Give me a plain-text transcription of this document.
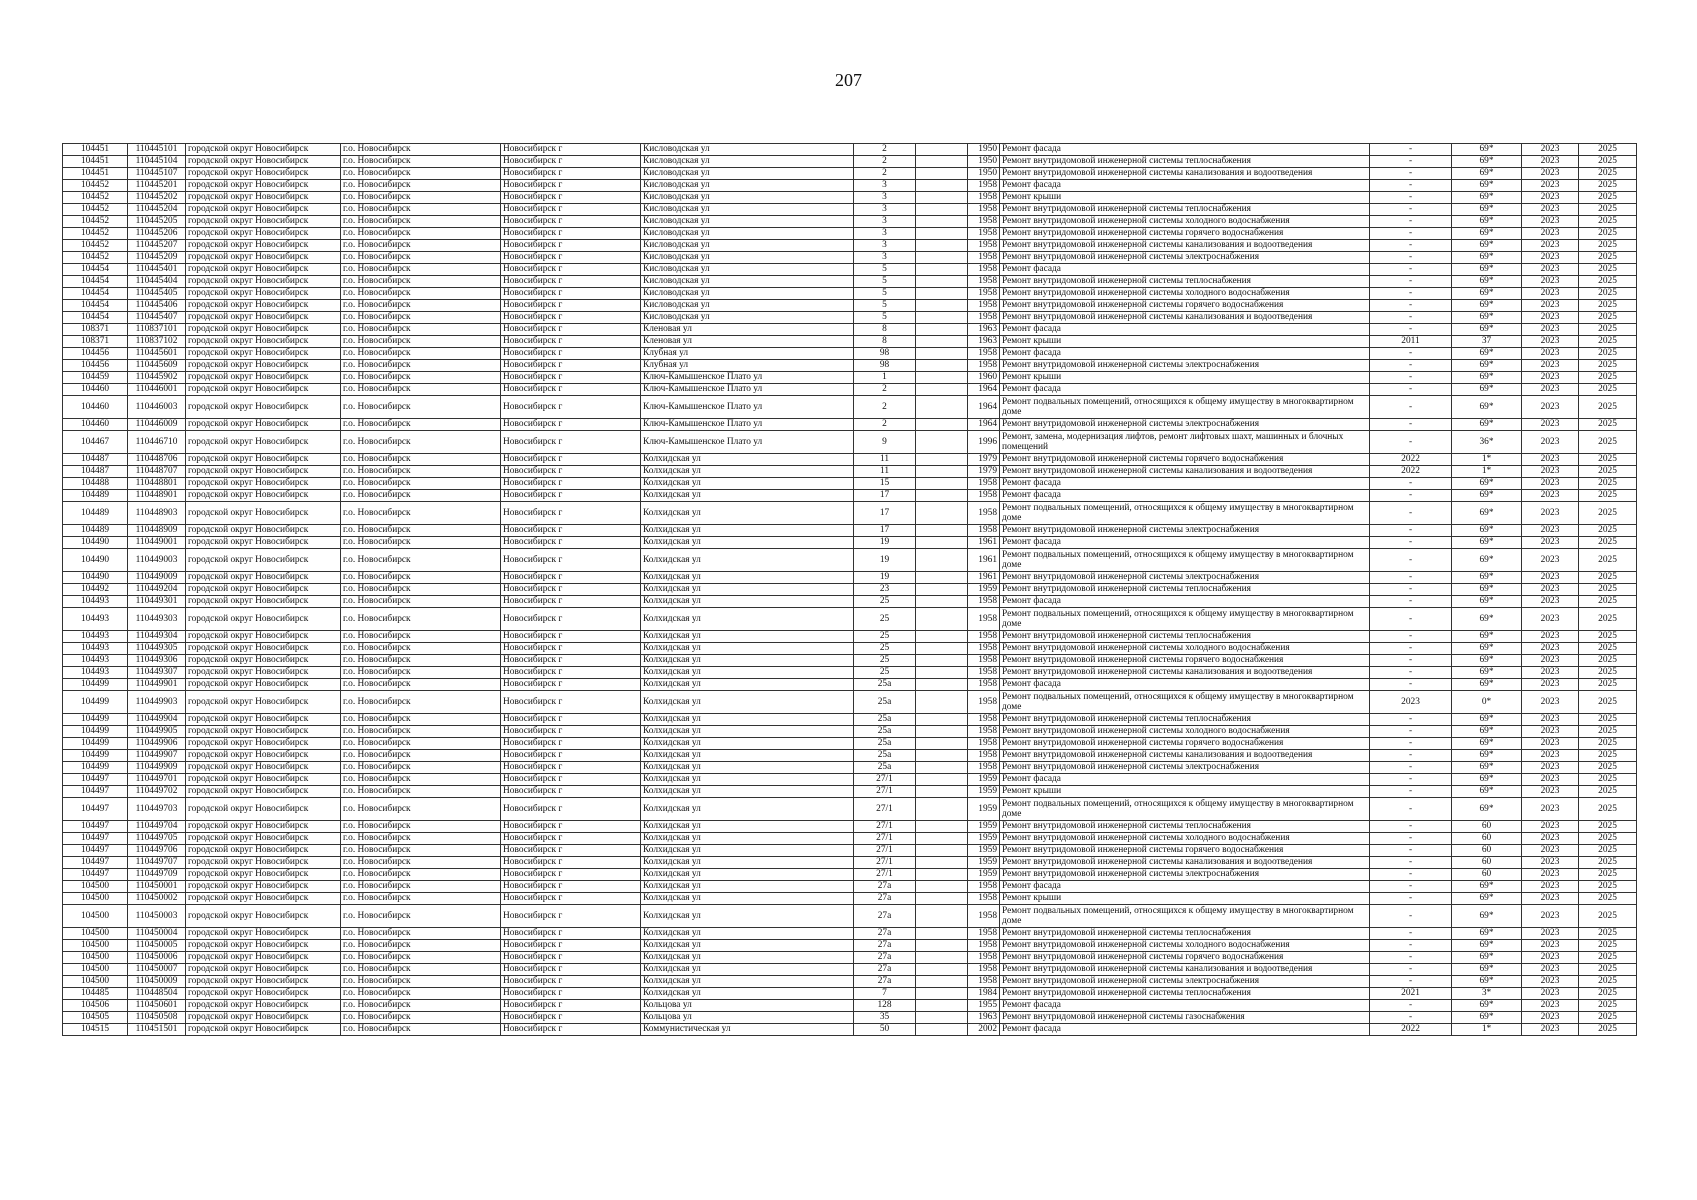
207
104451	110445101	городской округ Новосибирск	г.о. Новосибирск	Новосибирск г	Кисловодская ул	2		1950	Ремонт фасада	-	69*	2023	2025
104451	110445104	городской округ Новосибирск	г.о. Новосибирск	Новосибирск г	Кисловодская ул	2		1950	Ремонт внутридомовой инженерной системы теплоснабжения	-	69*	2023	2025
104451	110445107	городской округ Новосибирск	г.о. Новосибирск	Новосибирск г	Кисловодская ул	2		1950	Ремонт внутридомовой инженерной системы канализования и водоотведения	-	69*	2023	2025
104452	110445201	городской округ Новосибирск	г.о. Новосибирск	Новосибирск г	Кисловодская ул	3		1958	Ремонт фасада	-	69*	2023	2025
104452	110445202	городской округ Новосибирск	г.о. Новосибирск	Новосибирск г	Кисловодская ул	3		1958	Ремонт крыши	-	69*	2023	2025
104452	110445204	городской округ Новосибирск	г.о. Новосибирск	Новосибирск г	Кисловодская ул	3		1958	Ремонт внутридомовой инженерной системы теплоснабжения	-	69*	2023	2025
104452	110445205	городской округ Новосибирск	г.о. Новосибирск	Новосибирск г	Кисловодская ул	3		1958	Ремонт внутридомовой инженерной системы холодного водоснабжения	-	69*	2023	2025
104452	110445206	городской округ Новосибирск	г.о. Новосибирск	Новосибирск г	Кисловодская ул	3		1958	Ремонт внутридомовой инженерной системы горячего водоснабжения	-	69*	2023	2025
104452	110445207	городской округ Новосибирск	г.о. Новосибирск	Новосибирск г	Кисловодская ул	3		1958	Ремонт внутридомовой инженерной системы канализования и водоотведения	-	69*	2023	2025
104452	110445209	городской округ Новосибирск	г.о. Новосибирск	Новосибирск г	Кисловодская ул	3		1958	Ремонт внутридомовой инженерной системы электроснабжения	-	69*	2023	2025
104454	110445401	городской округ Новосибирск	г.о. Новосибирск	Новосибирск г	Кисловодская ул	5		1958	Ремонт фасада	-	69*	2023	2025
104454	110445404	городской округ Новосибирск	г.о. Новосибирск	Новосибирск г	Кисловодская ул	5		1958	Ремонт внутридомовой инженерной системы теплоснабжения	-	69*	2023	2025
104454	110445405	городской округ Новосибирск	г.о. Новосибирск	Новосибирск г	Кисловодская ул	5		1958	Ремонт внутридомовой инженерной системы холодного водоснабжения	-	69*	2023	2025
104454	110445406	городской округ Новосибирск	г.о. Новосибирск	Новосибирск г	Кисловодская ул	5		1958	Ремонт внутридомовой инженерной системы горячего водоснабжения	-	69*	2023	2025
104454	110445407	городской округ Новосибирск	г.о. Новосибирск	Новосибирск г	Кисловодская ул	5		1958	Ремонт внутридомовой инженерной системы канализования и водоотведения	-	69*	2023	2025
108371	110837101	городской округ Новосибирск	г.о. Новосибирск	Новосибирск г	Кленовая ул	8		1963	Ремонт фасада	-	69*	2023	2025
108371	110837102	городской округ Новосибирск	г.о. Новосибирск	Новосибирск г	Кленовая ул	8		1963	Ремонт крыши	2011	37	2023	2025
104456	110445601	городской округ Новосибирск	г.о. Новосибирск	Новосибирск г	Клубная ул	98		1958	Ремонт фасада	-	69*	2023	2025
104456	110445609	городской округ Новосибирск	г.о. Новосибирск	Новосибирск г	Клубная ул	98		1958	Ремонт внутридомовой инженерной системы электроснабжения	-	69*	2023	2025
104459	110445902	городской округ Новосибирск	г.о. Новосибирск	Новосибирск г	Ключ-Камышенское Плато ул	1		1960	Ремонт крыши	-	69*	2023	2025
104460	110446001	городской округ Новосибирск	г.о. Новосибирск	Новосибирск г	Ключ-Камышенское Плато ул	2		1964	Ремонт фасада	-	69*	2023	2025
104460	110446003	городской округ Новосибирск	г.о. Новосибирск	Новосибирск г	Ключ-Камышенское Плато ул	2		1964	Ремонт подвальных помещений, относящихся к общему имуществу в многоквартирном доме	-	69*	2023	2025
104460	110446009	городской округ Новосибирск	г.о. Новосибирск	Новосибирск г	Ключ-Камышенское Плато ул	2		1964	Ремонт внутридомовой инженерной системы электроснабжения	-	69*	2023	2025
104467	110446710	городской округ Новосибирск	г.о. Новосибирск	Новосибирск г	Ключ-Камышенское Плато ул	9		1996	Ремонт, замена, модернизация лифтов, ремонт лифтовых шахт, машинных и блочных помещений	-	36*	2023	2025
104487	110448706	городской округ Новосибирск	г.о. Новосибирск	Новосибирск г	Колхидская ул	11		1979	Ремонт внутридомовой инженерной системы горячего водоснабжения	2022	1*	2023	2025
104487	110448707	городской округ Новосибирск	г.о. Новосибирск	Новосибирск г	Колхидская ул	11		1979	Ремонт внутридомовой инженерной системы канализования и водоотведения	2022	1*	2023	2025
104488	110448801	городской округ Новосибирск	г.о. Новосибирск	Новосибирск г	Колхидская ул	15		1958	Ремонт фасада	-	69*	2023	2025
104489	110448901	городской округ Новосибирск	г.о. Новосибирск	Новосибирск г	Колхидская ул	17		1958	Ремонт фасада	-	69*	2023	2025
104489	110448903	городской округ Новосибирск	г.о. Новосибирск	Новосибирск г	Колхидская ул	17		1958	Ремонт подвальных помещений, относящихся к общему имуществу в многоквартирном доме	-	69*	2023	2025
104489	110448909	городской округ Новосибирск	г.о. Новосибирск	Новосибирск г	Колхидская ул	17		1958	Ремонт внутридомовой инженерной системы электроснабжения	-	69*	2023	2025
104490	110449001	городской округ Новосибирск	г.о. Новосибирск	Новосибирск г	Колхидская ул	19		1961	Ремонт фасада	-	69*	2023	2025
104490	110449003	городской округ Новосибирск	г.о. Новосибирск	Новосибирск г	Колхидская ул	19		1961	Ремонт подвальных помещений, относящихся к общему имуществу в многоквартирном доме	-	69*	2023	2025
104490	110449009	городской округ Новосибирск	г.о. Новосибирск	Новосибирск г	Колхидская ул	19		1961	Ремонт внутридомовой инженерной системы электроснабжения	-	69*	2023	2025
104492	110449204	городской округ Новосибирск	г.о. Новосибирск	Новосибирск г	Колхидская ул	23		1959	Ремонт внутридомовой инженерной системы теплоснабжения	-	69*	2023	2025
104493	110449301	городской округ Новосибирск	г.о. Новосибирск	Новосибирск г	Колхидская ул	25		1958	Ремонт фасада	-	69*	2023	2025
104493	110449303	городской округ Новосибирск	г.о. Новосибирск	Новосибирск г	Колхидская ул	25		1958	Ремонт подвальных помещений, относящихся к общему имуществу в многоквартирном доме	-	69*	2023	2025
104493	110449304	городской округ Новосибирск	г.о. Новосибирск	Новосибирск г	Колхидская ул	25		1958	Ремонт внутридомовой инженерной системы теплоснабжения	-	69*	2023	2025
104493	110449305	городской округ Новосибирск	г.о. Новосибирск	Новосибирск г	Колхидская ул	25		1958	Ремонт внутридомовой инженерной системы холодного водоснабжения	-	69*	2023	2025
104493	110449306	городской округ Новосибирск	г.о. Новосибирск	Новосибирск г	Колхидская ул	25		1958	Ремонт внутридомовой инженерной системы горячего водоснабжения	-	69*	2023	2025
104493	110449307	городской округ Новосибирск	г.о. Новосибирск	Новосибирск г	Колхидская ул	25		1958	Ремонт внутридомовой инженерной системы канализования и водоотведения	-	69*	2023	2025
104499	110449901	городской округ Новосибирск	г.о. Новосибирск	Новосибирск г	Колхидская ул	25а		1958	Ремонт фасада	-	69*	2023	2025
104499	110449903	городской округ Новосибирск	г.о. Новосибирск	Новосибирск г	Колхидская ул	25а		1958	Ремонт подвальных помещений, относящихся к общему имуществу в многоквартирном доме	2023	0*	2023	2025
104499	110449904	городской округ Новосибирск	г.о. Новосибирск	Новосибирск г	Колхидская ул	25а		1958	Ремонт внутридомовой инженерной системы теплоснабжения	-	69*	2023	2025
104499	110449905	городской округ Новосибирск	г.о. Новосибирск	Новосибирск г	Колхидская ул	25а		1958	Ремонт внутридомовой инженерной системы холодного водоснабжения	-	69*	2023	2025
104499	110449906	городской округ Новосибирск	г.о. Новосибирск	Новосибирск г	Колхидская ул	25а		1958	Ремонт внутридомовой инженерной системы горячего водоснабжения	-	69*	2023	2025
104499	110449907	городской округ Новосибирск	г.о. Новосибирск	Новосибирск г	Колхидская ул	25а		1958	Ремонт внутридомовой инженерной системы канализования и водоотведения	-	69*	2023	2025
104499	110449909	городской округ Новосибирск	г.о. Новосибирск	Новосибирск г	Колхидская ул	25а		1958	Ремонт внутридомовой инженерной системы электроснабжения	-	69*	2023	2025
104497	110449701	городской округ Новосибирск	г.о. Новосибирск	Новосибирск г	Колхидская ул	27/1		1959	Ремонт фасада	-	69*	2023	2025
104497	110449702	городской округ Новосибирск	г.о. Новосибирск	Новосибирск г	Колхидская ул	27/1		1959	Ремонт крыши	-	69*	2023	2025
104497	110449703	городской округ Новосибирск	г.о. Новосибирск	Новосибирск г	Колхидская ул	27/1		1959	Ремонт подвальных помещений, относящихся к общему имуществу в многоквартирном доме	-	69*	2023	2025
104497	110449704	городской округ Новосибирск	г.о. Новосибирск	Новосибирск г	Колхидская ул	27/1		1959	Ремонт внутридомовой инженерной системы теплоснабжения	-	60	2023	2025
104497	110449705	городской округ Новосибирск	г.о. Новосибирск	Новосибирск г	Колхидская ул	27/1		1959	Ремонт внутридомовой инженерной системы холодного водоснабжения	-	60	2023	2025
104497	110449706	городской округ Новосибирск	г.о. Новосибирск	Новосибирск г	Колхидская ул	27/1		1959	Ремонт внутридомовой инженерной системы горячего водоснабжения	-	60	2023	2025
104497	110449707	городской округ Новосибирск	г.о. Новосибирск	Новосибирск г	Колхидская ул	27/1		1959	Ремонт внутридомовой инженерной системы канализования и водоотведения	-	60	2023	2025
104497	110449709	городской округ Новосибирск	г.о. Новосибирск	Новосибирск г	Колхидская ул	27/1		1959	Ремонт внутридомовой инженерной системы электроснабжения	-	60	2023	2025
104500	110450001	городской округ Новосибирск	г.о. Новосибирск	Новосибирск г	Колхидская ул	27а		1958	Ремонт фасада	-	69*	2023	2025
104500	110450002	городской округ Новосибирск	г.о. Новосибирск	Новосибирск г	Колхидская ул	27а		1958	Ремонт крыши	-	69*	2023	2025
104500	110450003	городской округ Новосибирск	г.о. Новосибирск	Новосибирск г	Колхидская ул	27а		1958	Ремонт подвальных помещений, относящихся к общему имуществу в многоквартирном доме	-	69*	2023	2025
104500	110450004	городской округ Новосибирск	г.о. Новосибирск	Новосибирск г	Колхидская ул	27а		1958	Ремонт внутридомовой инженерной системы теплоснабжения	-	69*	2023	2025
104500	110450005	городской округ Новосибирск	г.о. Новосибирск	Новосибирск г	Колхидская ул	27а		1958	Ремонт внутридомовой инженерной системы холодного водоснабжения	-	69*	2023	2025
104500	110450006	городской округ Новосибирск	г.о. Новосибирск	Новосибирск г	Колхидская ул	27а		1958	Ремонт внутридомовой инженерной системы горячего водоснабжения	-	69*	2023	2025
104500	110450007	городской округ Новосибирск	г.о. Новосибирск	Новосибирск г	Колхидская ул	27а		1958	Ремонт внутридомовой инженерной системы канализования и водоотведения	-	69*	2023	2025
104500	110450009	городской округ Новосибирск	г.о. Новосибирск	Новосибирск г	Колхидская ул	27а		1958	Ремонт внутридомовой инженерной системы электроснабжения	-	69*	2023	2025
104485	110448504	городской округ Новосибирск	г.о. Новосибирск	Новосибирск г	Колхидская ул	7		1984	Ремонт внутридомовой инженерной системы теплоснабжения	2021	3*	2023	2025
104506	110450601	городской округ Новосибирск	г.о. Новосибирск	Новосибирск г	Кольцова ул	128		1955	Ремонт фасада	-	69*	2023	2025
104505	110450508	городской округ Новосибирск	г.о. Новосибирск	Новосибирск г	Кольцова ул	35		1963	Ремонт внутридомовой инженерной системы газоснабжения	-	69*	2023	2025
104515	110451501	городской округ Новосибирск	г.о. Новосибирск	Новосибирск г	Коммунистическая ул	50		2002	Ремонт фасада	2022	1*	2023	2025
